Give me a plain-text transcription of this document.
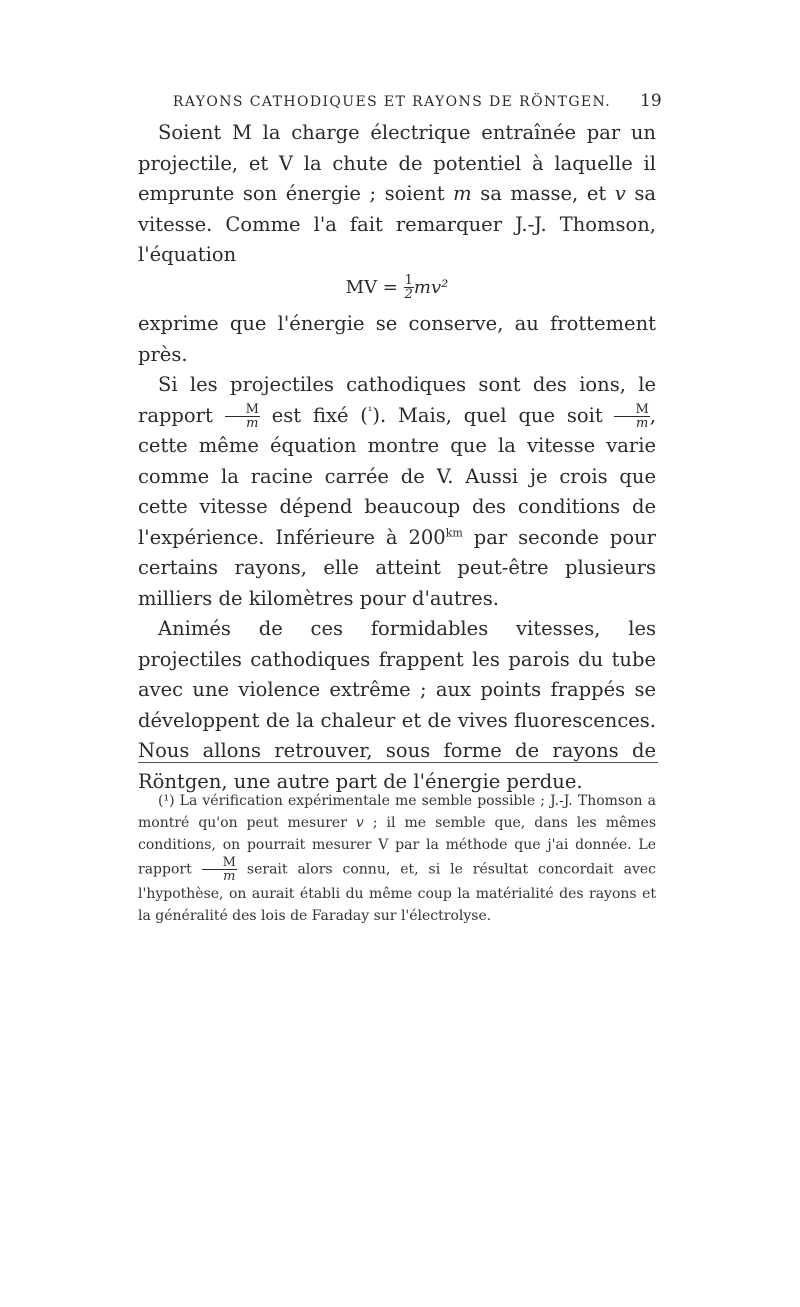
RAYONS CATHODIQUES ET RAYONS DE RÖNTGEN.	19

Soient M la charge électrique entraînée par un projectile, et V la chute de potentiel à laquelle il emprunte son énergie ; soient m sa masse, et v sa vitesse. Comme l'a fait remarquer J.-J. Thomson, l'équation

MV = $\frac{1}{2} mv^2$

exprime que l'énergie se conserve, au frottement près.

Si les projectiles cathodiques sont des ions, le rapport $\frac{M}{m}$ est fixé ($^{^1}$). Mais, quel que soit $\frac{M}{m}$ , cette même équation montre que la vitesse varie comme la racine carrée de V. Aussi je crois que cette vitesse dépend beaucoup des conditions de l'expérience. Inférieure à $200^{km}$ par seconde pour certains rayons, elle atteint peut-être plusieurs milliers de kilomètres pour d'autres.

Animés de ces formidables vitesses, les projectiles cathodiques frappent les parois du tube avec une violence extrême ; aux points frappés se développent de la chaleur et de vives fluorescences. Nous allons retrouver, sous forme de rayons de Röntgen, une autre part de l'énergie perdue.

(¹) La vérification expérimentale me semble possible ; J.-J. Thomson a montré qu'on peut mesurer v ; il me semble que, dans les mêmes conditions, on pourrait mesurer V par la méthode que j'ai donnée. Le rapport $\frac{M}{m}$ serait alors connu, et, si le résultat concordait avec l'hypothèse, on aurait établi du même coup la matérialité des rayons et la généralité des lois de Faraday sur l'électrolyse.
